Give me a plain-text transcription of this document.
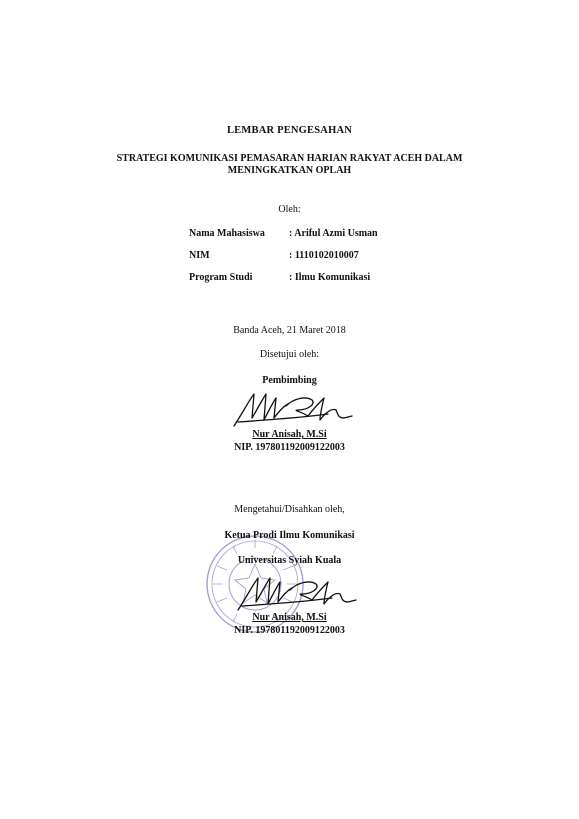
LEMBAR PENGESAHAN
STRATEGI KOMUNIKASI PEMASARAN HARIAN RAKYAT ACEH DALAM
MENINGKATKAN OPLAH
Oleh:
Nama Mahasiswa	: Ariful Azmi Usman
NIM	: 1110102010007
Program Studi	: Ilmu Komunikasi
Banda Aceh, 21 Maret 2018
Disetujui oleh:
Pembimbing
Nur Anisah, M.Si
NIP. 197801192009122003
Mengetahui/Disahkan oleh,
Ketua Prodi Ilmu Komunikasi
Universitas Syiah Kuala
Nur Anisah, M.Si
NIP. 197801192009122003
